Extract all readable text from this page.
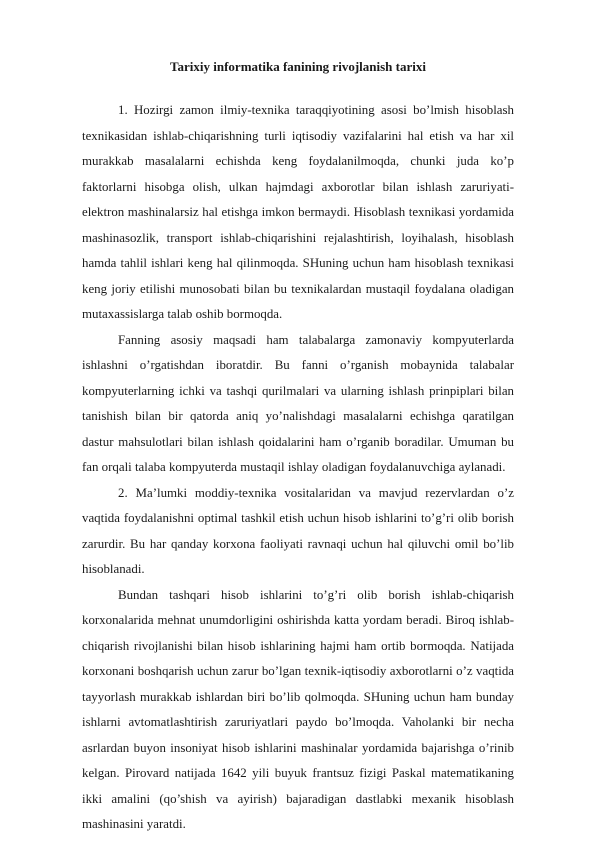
Tarixiy informatika fanining rivojlanish tarixi

1. Hozirgi zamon ilmiy-texnika taraqqiyotining asosi bo’lmish hisoblash texnikasidan ishlab-chiqarishning turli iqtisodiy vazifalarini hal etish va har xil murakkab masalalarni echishda keng foydalanilmoqda, chunki juda ko’p faktorlarni hisobga olish, ulkan hajmdagi axborotlar bilan ishlash zaruriyati- elektron mashinalarsiz hal etishga imkon bermaydi. Hisoblash texnikasi yordamida mashinasozlik, transport ishlab-chiqarishini rejalashtirish, loyihalash, hisoblash hamda tahlil ishlari keng hal qilinmoqda. SHuning uchun ham hisoblash texnikasi keng joriy etilishi munosobati bilan bu texnikalardan mustaqil foydalana oladigan mutaxassislarga talab oshib bormoqda.

Fanning asosiy maqsadi ham talabalarga zamonaviy kompyuterlarda ishlashni o’rgatishdan iboratdir. Bu fanni o’rganish mobaynida talabalar kompyuterlarning ichki va tashqi qurilmalari va ularning ishlash prinpiplari bilan tanishish bilan bir qatorda aniq yo’nalishdagi masalalarni echishga qaratilgan dastur mahsulotlari bilan ishlash qoidalarini ham o’rganib boradilar. Umuman bu fan orqali talaba kompyuterda mustaqil ishlay oladigan foydalanuvchiga aylanadi.

2. Ma’lumki moddiy-texnika vositalaridan va mavjud rezervlardan o’z vaqtida foydalanishni optimal tashkil etish uchun hisob ishlarini to’g’ri olib borish zarurdir. Bu har qanday korxona faoliyati ravnaqi uchun hal qiluvchi omil bo’lib hisoblanadi.

Bundan tashqari hisob ishlarini to’g’ri olib borish ishlab-chiqarish korxonalarida mehnat unumdorligini oshirishda katta yordam beradi. Biroq ishlab-chiqarish rivojlanishi bilan hisob ishlarining hajmi ham ortib bormoqda. Natijada korxonani boshqarish uchun zarur bo’lgan texnik-iqtisodiy axborotlarni o’z vaqtida tayyorlash murakkab ishlardan biri bo’lib qolmoqda. SHuning uchun ham bunday ishlarni avtomatlashtirish zaruriyatlari paydo bo’lmoqda. Vaholanki bir necha asrlardan buyon insoniyat hisob ishlarini mashinalar yordamida bajarishga o’rinib kelgan. Pirovard natijada 1642 yili buyuk frantsuz fizigi Paskal matematikaning ikki amalini (qo’shish va ayirish) bajaradigan dastlabki mexanik hisoblash mashinasini yaratdi.
